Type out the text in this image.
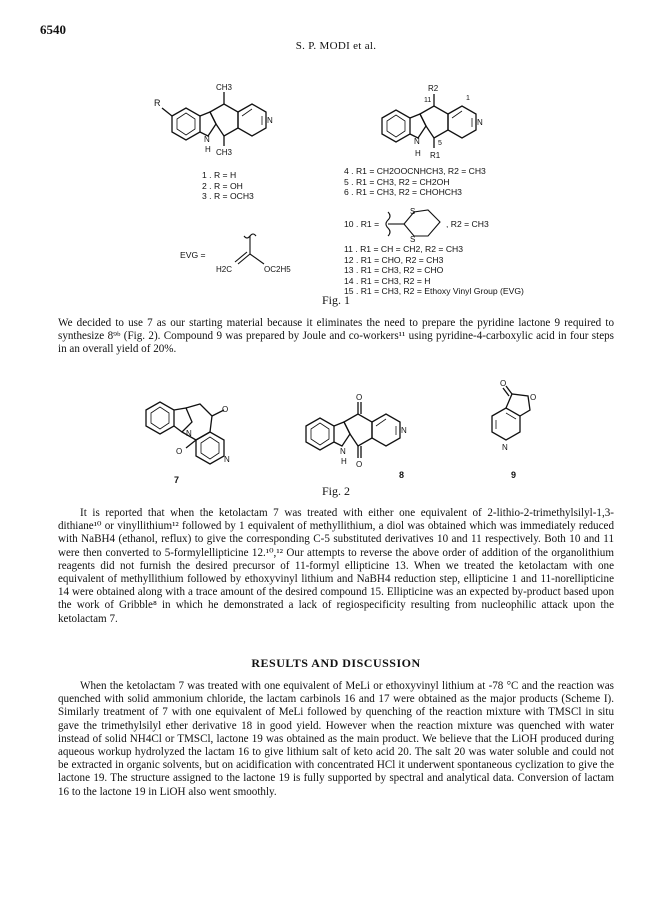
6540
S. P. MODI et al.
R
CH3
CH3
N
H
N
1 . R = H
2 . R = OH
3 . R = OCH3
R2
R1
1
11
5
N
H
N
4 . R1 = CH2OOCNHCH3, R2 = CH3
5 . R1 = CH3, R2 = CH2OH
6 . R1 = CH3, R2 = CHOHCH3
10 . R1 =
S
S
, R2 = CH3
11 . R1 = CH = CH2, R2 = CH3
12 . R1 = CHO, R2 = CH3
13 . R1 = CH3, R2 = CHO
14 . R1 = CH3, R2 = H
15 . R1 = CH3, R2 = Ethoxy Vinyl Group (EVG)
EVG =
H2C	OC2H5
Fig. 1
We decided to use 7 as our starting material because it eliminates the need to prepare the pyridine lactone 9 required to synthesize 8⁹ᵇ (Fig. 2). Compound 9 was prepared by Joule and co-workers¹¹ using pyridine-4-carboxylic acid in four steps in an overall yield of 20%.
O
O
N
N
7
O
O
N
H
N
8
O
O
N
9
Fig. 2
It is reported that when the ketolactam 7 was treated with either one equivalent of 2-lithio-2-trimethylsilyl-1,3-dithiane¹⁰ or vinyllithium¹² followed by 1 equivalent of methyllithium, a diol was obtained which was immediately reduced with NaBH4 (ethanol, reflux) to give the corresponding C-5 substituted derivatives 10 and 11 respectively. Both 10 and 11 were then converted to 5-formylellipticine 12.¹⁰,¹² Our attempts to reverse the above order of addition of the organolithium reagents did not furnish the desired precursor of 11-formyl ellipticine 13. When we treated the ketolactam with one equivalent of methyllithium followed by ethoxyvinyl lithium and NaBH4 reduction step, ellipticine 1 and 11-norellipticine 14 were obtained along with a trace amount of the desired compound 15. Ellipticine was an expected by-product based upon the work of Gribble⁸ in which he demonstrated a lack of regiospecificity resulting from nucleophilic attack upon the ketolactam 7.
RESULTS AND DISCUSSION
When the ketolactam 7 was treated with one equivalent of MeLi or ethoxyvinyl lithium at -78 °C and the reaction was quenched with solid ammonium chloride, the lactam carbinols 16 and 17 were obtained as the major products (Scheme I). Similarly treatment of 7 with one equivalent of MeLi followed by quenching of the reaction mixture with TMSCl in situ gave the trimethylsilyl ether derivative 18 in good yield. However when the reaction mixture was quenched with water instead of solid NH4Cl or TMSCl, lactone 19 was obtained as the main product. We believe that the LiOH produced during aqueous workup hydrolyzed the lactam 16 to give lithium salt of keto acid 20. The salt 20 was water soluble and could not be extracted in organic solvents, but on acidification with concentrated HCl it underwent spontaneous cyclization to give the lactone 19. The structure assigned to the lactone 19 is fully supported by spectral and analytical data. Conversion of lactam 16 to the lactone 19 in LiOH also went smoothly.
